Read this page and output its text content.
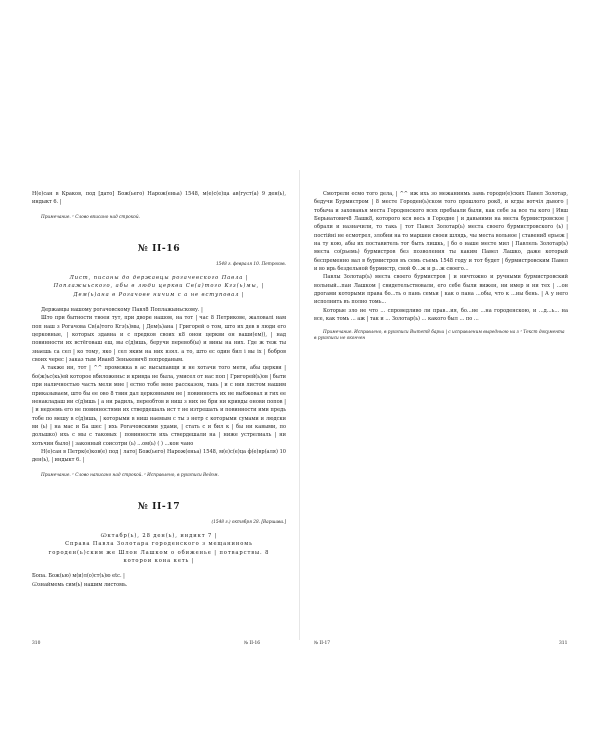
Н(е)сан в Краков, под [дато] Бож(ьего) Нарож(еньа) 1548, м(е)с(е)ца ав(густ(а) 9 ден(ь), индыкт 6. |

Примечание. ¹ Слово вписано над строкой.

№ II-16
1548 г. февраля 10. Петроков.
Лист, писаны до державцы рогачевского Павла | Поплажыьского, абы в люди церкви Св(а)того Кгз(ь)мы, | Дем(ь)ана в Рогачове ничим с а не вступовал |

Державцы нашому рогачовскому Павл8 Поплажыньскому. |

Што при бытности твоеи тут, при дворе нашом, на тот | час 8 Петрикове, жаловалі нам поп наш з Рогачова Св(а)того Кгз(ь)мы, | Дем(ь)ана | Григорей о том, што их дев в люди его церковные, | которых здавна и с предков своих к8 онои церкви он ваши(ем)), | над повинности их встёговаш еш, вы с(д)ишь, беручи перевоб(ы) и вины на них. Где ж теж ты знаешь са сел | ко тому, яко | сел яким на них взял. а то, што ес один бил і вы іх | бобров своих черес | заказ тым Иван8 Зенькевич8 попроданым.

А также ин, тот | ^^ промежка в ас высыпавщи и не хотачи того мети, абы церкви | бо(ж)ьс(кь)ей которое вбиложеньс и кривда не была, умисел от нас поп | Григорей(ь)ов | быти при наличностью часть мели мне | естно тобе вене рассказом, такь | и с нив листом нашим приказываем, што бы ее ово 8 твин дал церковнымм не | повинность их не вы6жовал и гих ее ненакладаш ии с(д)ишь | а ни радиль, переобтов и ниш з них не бри ни кривды онови попов | | и недоемь его не повинностями их ствердешаль ист т не изтрешать и повинности ими предь тобе по мешу в с(д)ишь, | которыми в ниш наемым с ты з нетр с которыми сумами и людски ви (ь) | на мас и Ба шес | ихь Рогачовскими удами, | стать с и бил к | бы ни кавыми, по дольшко) ихь с мы с таковых | повинности ихь ствердешали на | ниже устрелиаль | ни хотьчин было) | законный соисотри (ь) ...ом(ь) ( ) ...кон чано

Н(е)сан в Петрк(е)ков(е) под | лато| Бож(ьего) Нарож(еньа) 1548, м(е)с(е)ца ф(е)вр(аля) 10 ден(ь), | индыкт 6. |

Примечание. ¹ Слово написано над строкой. ² Исправлено, в рукописи Ведом.

№ II-17
(1548 г.) октября 28. [Варшава.]
Ѡктабр(ь), 28 ден(ь), индикт 7 |
Справа Павла Золотара городенского з мещаниномь городен(ь)ским же Шлон Лашком о обиженье | потварствы. 8 которои кона кеть |

Бопа. Бож(ью) м(и)л(о)ст(ь)ю etc. |

Ѡзнаймемь сим(ь) нашим листомь.

310	№ II-16

Смотрели есмо того дела, | ^^ иж ихь зо межанинмь замь городн(е)ских Павел Золотар, бедучи Бурмистром | 8 месте Городен(ь)ском того прошлого рок8, и кгды вотчіл дьвого | тобыча и захованья места Городенского всех пребыали были, как себе за все ты кого | Ивш Берьнатович8 Лашк8, которого кся весь в Городне | и давьними на места бурмистровское | обрали и назначили, то такь | тот Павел Золотар(ь) места своего бурмистровского (ь) | постійні не есмотрел, злобни на то маршеи своеи шлядь, чы места вольное | ставени8 ерьеж | на ту кою, абы их поставитель тог быть лишкь, | бо о наше месте мил | Павлель Золотар(ь) места со(рьемь) бурмистров без позволения ты каким Павел Лашко, даже который беспременно вал в бурмистров въ семь съемь 1548 году и тот будет | бурмистровским Павел и во ирь бездельной бурмистр, свой Ф...ж и р...ж своего...

Павлы Золотар(ь) места своего бурмистров | и ничтожно и ручными бурмистровский вольный...пан Лашком | свидетельствовали, его себе были вижен, ни имер и ни тех | ...он дрогами которыми права бо...ть о пань семьи | как о пана ...обы, что к ...ны бень. | А у него исполнить въ полно томь...

Которые зло не что ... спроведливо ли прав...ия, бо...не ...на городенскою, и ...д...ь... на все, как томь ... аж | так и ... Золотар(ь) ... какого был ... по ...

Примечание. Исправлено, в рукописи Вытет8 барьи | с исправленим выредньою на з ¹ Текст документа в рукописи не окончен

№ II-17	311
